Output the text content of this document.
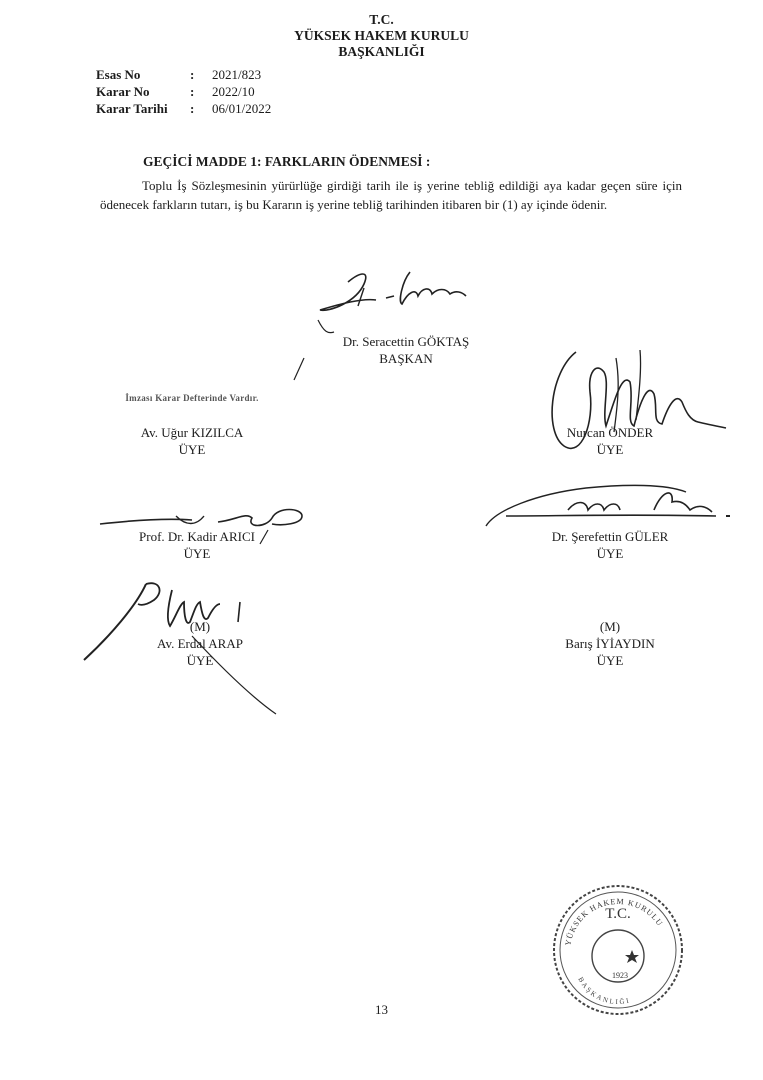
T.C.
YÜKSEK HAKEM KURULU
BAŞKANLIĞI
Esas No	:	2021/823
Karar No	:	2022/10
Karar Tarihi	:	06/01/2022
GEÇİCİ MADDE 1: FARKLARIN ÖDENMESİ :
Toplu İş Sözleşmesinin yürürlüğe girdiği tarih ile iş yerine tebliğ edildiği aya kadar geçen süre için ödenecek farkların tutarı, iş bu Kararın iş yerine tebliğ tarihinden itibaren bir (1) ay içinde ödenir.
Dr. Seracettin GÖKTAŞ
BAŞKAN
İmzası Karar Defterinde Vardır.
Av. Uğur KIZILCA
ÜYE
Nurcan ÖNDER
ÜYE
Prof. Dr. Kadir ARICI
ÜYE
Dr. Şerefettin GÜLER
ÜYE
(M)
Av. Erdal ARAP
ÜYE
(M)
Barış İYİAYDIN
ÜYE
T.C.
YÜKSEK HAKEM KURULU
1923
BAŞKANLIĞI
13
